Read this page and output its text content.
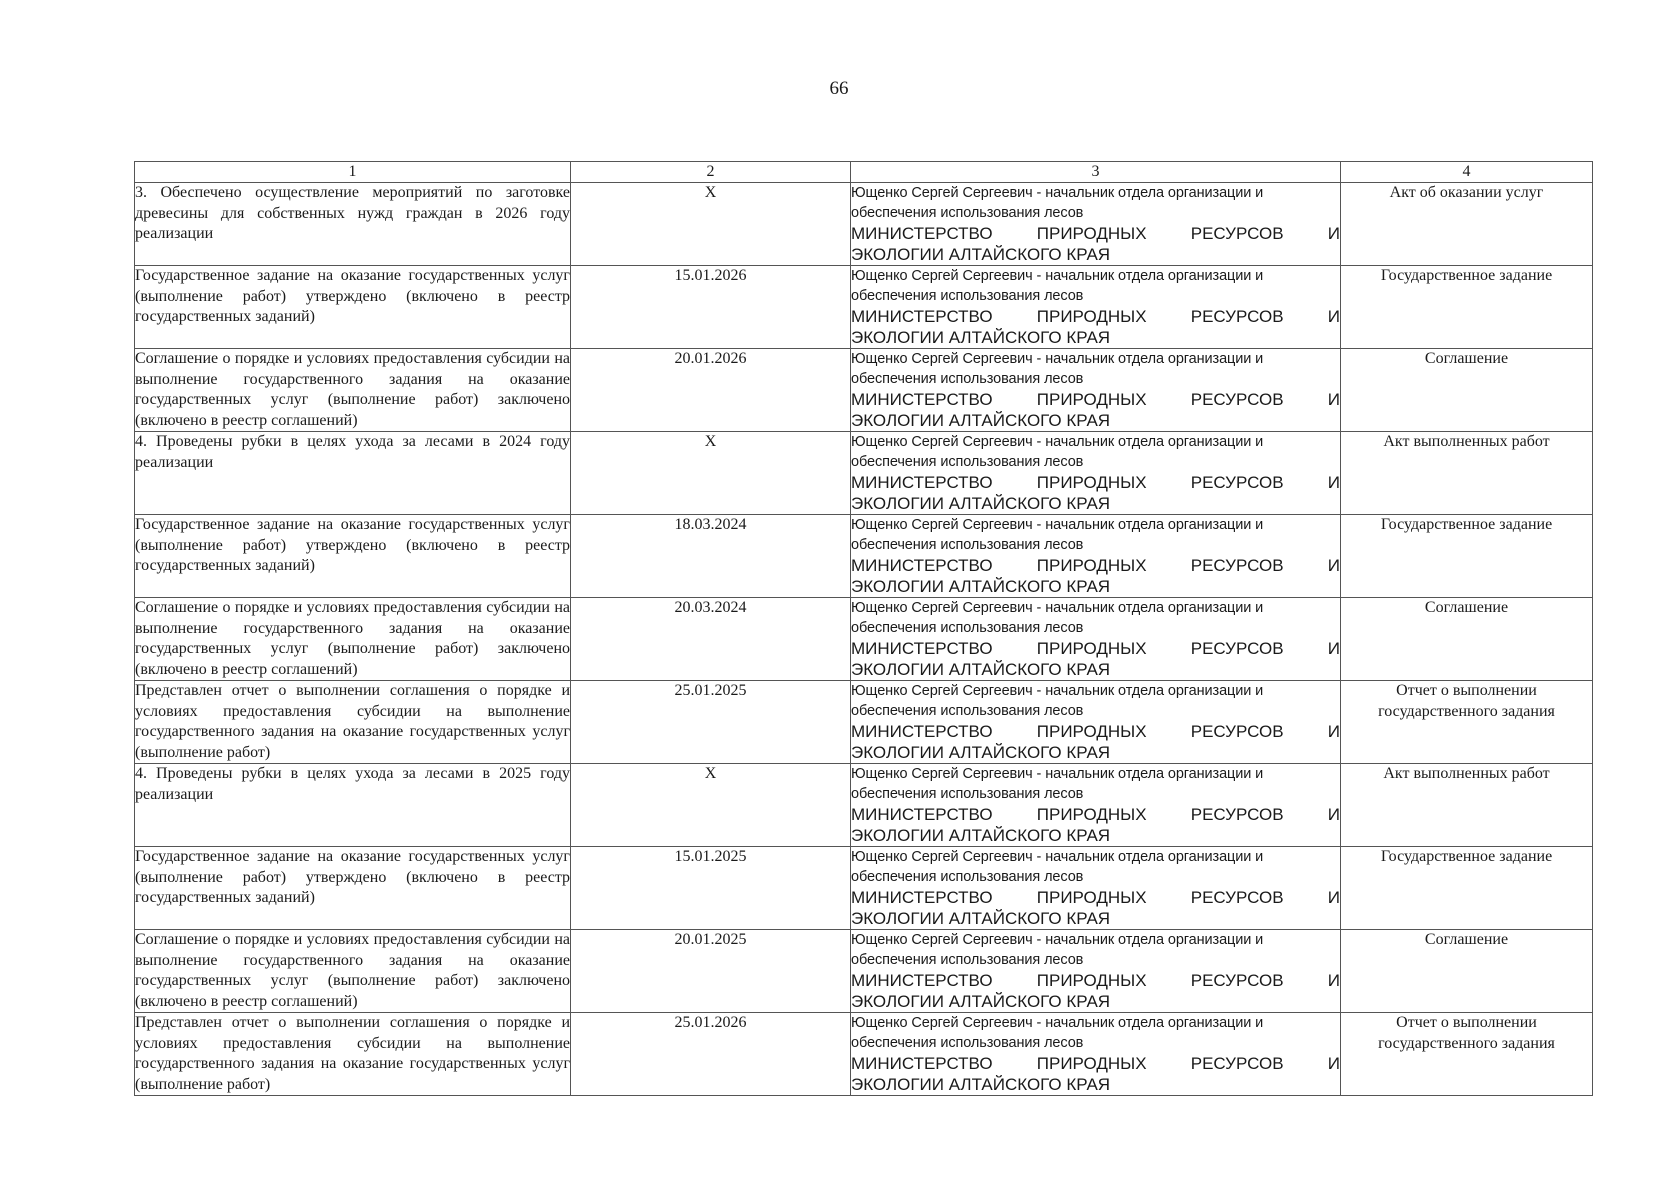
66
1	2	3	4
3. Обеспечено осуществление мероприятий по заготовке древесины для собственных нужд граждан в 2026 году реализации	X	Ющенко Сергей Сергеевич - начальник отдела организации и обеспечения использования лесов
МИНИСТЕРСТВО ПРИРОДНЫХ РЕСУРСОВ И
ЭКОЛОГИИ АЛТАЙСКОГО КРАЯ	Акт об оказании услуг
Государственное задание на оказание государственных услуг (выполнение работ) утверждено (включено в реестр государственных заданий)	15.01.2026	Ющенко Сергей Сергеевич - начальник отдела организации и обеспечения использования лесов
МИНИСТЕРСТВО ПРИРОДНЫХ РЕСУРСОВ И
ЭКОЛОГИИ АЛТАЙСКОГО КРАЯ	Государственное задание
Соглашение о порядке и условиях предоставления субсидии на выполнение государственного задания на оказание государственных услуг (выполнение работ) заключено (включено в реестр соглашений)	20.01.2026	Ющенко Сергей Сергеевич - начальник отдела организации и обеспечения использования лесов
МИНИСТЕРСТВО ПРИРОДНЫХ РЕСУРСОВ И
ЭКОЛОГИИ АЛТАЙСКОГО КРАЯ	Соглашение
4. Проведены рубки в целях ухода за лесами в 2024 году реализации	X	Ющенко Сергей Сергеевич - начальник отдела организации и обеспечения использования лесов
МИНИСТЕРСТВО ПРИРОДНЫХ РЕСУРСОВ И
ЭКОЛОГИИ АЛТАЙСКОГО КРАЯ	Акт выполненных работ
Государственное задание на оказание государственных услуг (выполнение работ) утверждено (включено в реестр государственных заданий)	18.03.2024	Ющенко Сергей Сергеевич - начальник отдела организации и обеспечения использования лесов
МИНИСТЕРСТВО ПРИРОДНЫХ РЕСУРСОВ И
ЭКОЛОГИИ АЛТАЙСКОГО КРАЯ	Государственное задание
Соглашение о порядке и условиях предоставления субсидии на выполнение государственного задания на оказание государственных услуг (выполнение работ) заключено (включено в реестр соглашений)	20.03.2024	Ющенко Сергей Сергеевич - начальник отдела организации и обеспечения использования лесов
МИНИСТЕРСТВО ПРИРОДНЫХ РЕСУРСОВ И
ЭКОЛОГИИ АЛТАЙСКОГО КРАЯ	Соглашение
Представлен отчет о выполнении соглашения о порядке и условиях предоставления субсидии на выполнение государственного задания на оказание государственных услуг (выполнение работ)	25.01.2025	Ющенко Сергей Сергеевич - начальник отдела организации и обеспечения использования лесов
МИНИСТЕРСТВО ПРИРОДНЫХ РЕСУРСОВ И
ЭКОЛОГИИ АЛТАЙСКОГО КРАЯ	Отчет о выполнении государственного задания
4. Проведены рубки в целях ухода за лесами в 2025 году реализации	X	Ющенко Сергей Сергеевич - начальник отдела организации и обеспечения использования лесов
МИНИСТЕРСТВО ПРИРОДНЫХ РЕСУРСОВ И
ЭКОЛОГИИ АЛТАЙСКОГО КРАЯ	Акт выполненных работ
Государственное задание на оказание государственных услуг (выполнение работ) утверждено (включено в реестр государственных заданий)	15.01.2025	Ющенко Сергей Сергеевич - начальник отдела организации и обеспечения использования лесов
МИНИСТЕРСТВО ПРИРОДНЫХ РЕСУРСОВ И
ЭКОЛОГИИ АЛТАЙСКОГО КРАЯ	Государственное задание
Соглашение о порядке и условиях предоставления субсидии на выполнение государственного задания на оказание государственных услуг (выполнение работ) заключено (включено в реестр соглашений)	20.01.2025	Ющенко Сергей Сергеевич - начальник отдела организации и обеспечения использования лесов
МИНИСТЕРСТВО ПРИРОДНЫХ РЕСУРСОВ И
ЭКОЛОГИИ АЛТАЙСКОГО КРАЯ	Соглашение
Представлен отчет о выполнении соглашения о порядке и условиях предоставления субсидии на выполнение государственного задания на оказание государственных услуг (выполнение работ)	25.01.2026	Ющенко Сергей Сергеевич - начальник отдела организации и обеспечения использования лесов
МИНИСТЕРСТВО ПРИРОДНЫХ РЕСУРСОВ И
ЭКОЛОГИИ АЛТАЙСКОГО КРАЯ	Отчет о выполнении государственного задания
